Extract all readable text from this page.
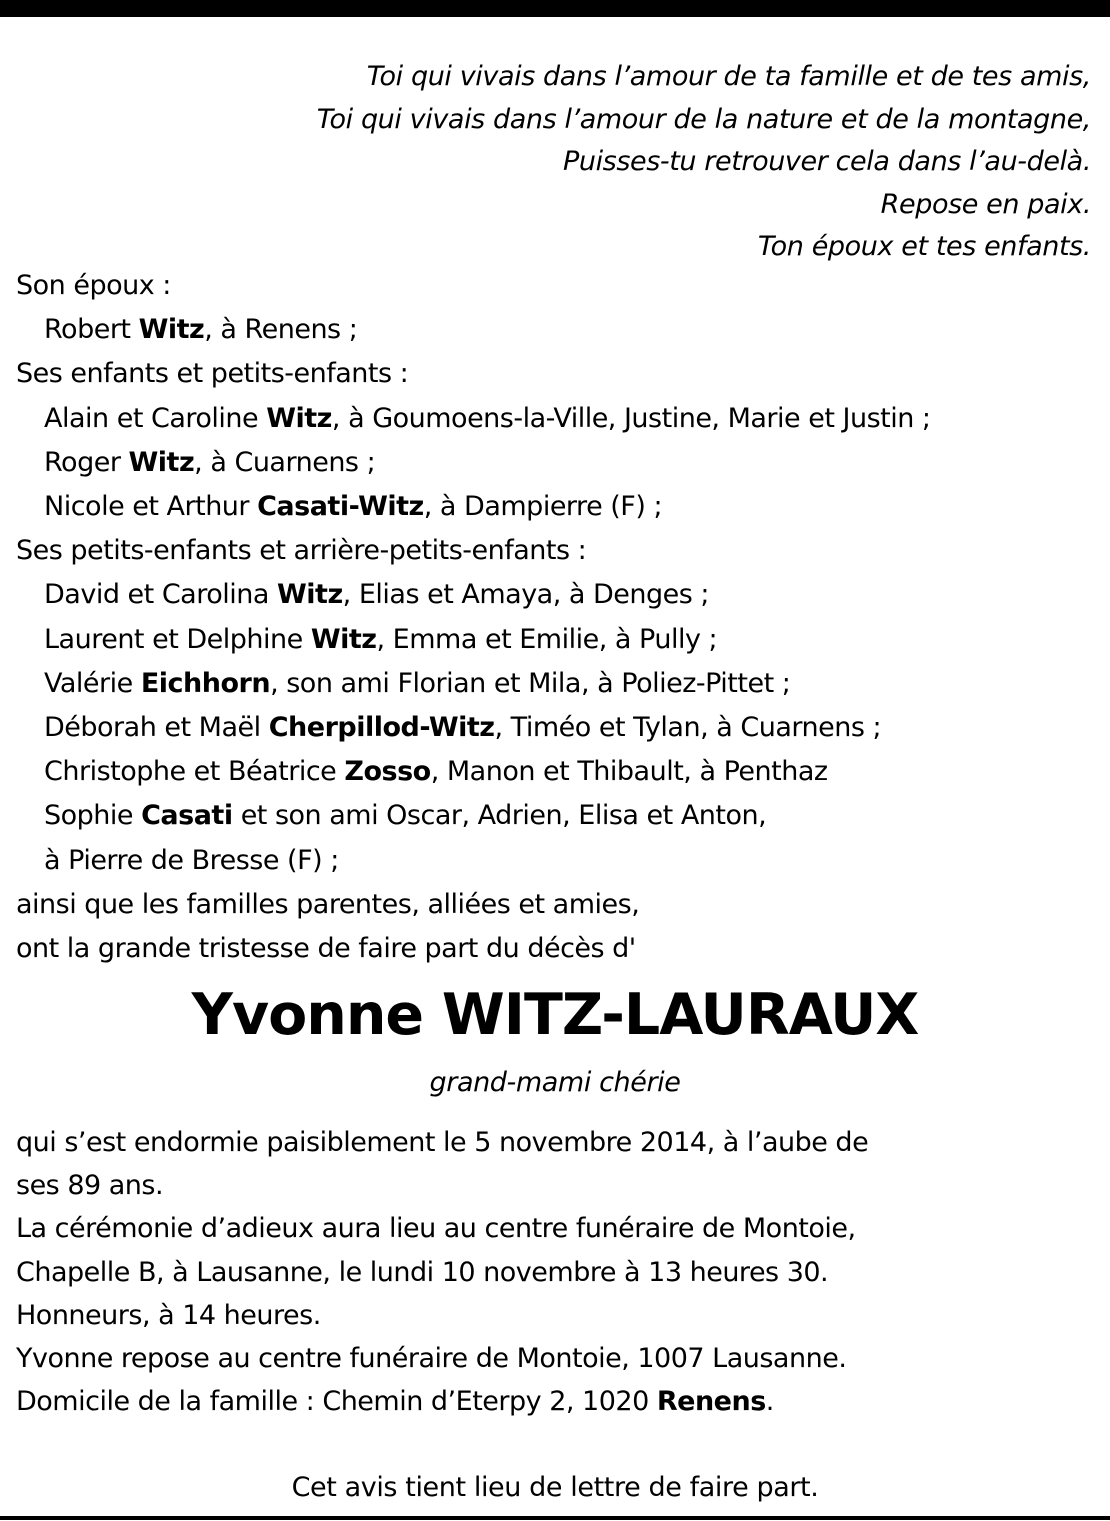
Toi qui vivais dans l’amour de ta famille et de tes amis,
Toi qui vivais dans l’amour de la nature et de la montagne,
Puisses-tu retrouver cela dans l’au-delà.
Repose en paix.
Ton époux et tes enfants.
Son époux :
Robert Witz, à Renens ;
Ses enfants et petits-enfants :
Alain et Caroline Witz, à Goumoens-la-Ville, Justine, Marie et Justin ;
Roger Witz, à Cuarnens ;
Nicole et Arthur Casati-Witz, à Dampierre (F) ;
Ses petits-enfants et arrière-petits-enfants :
David et Carolina Witz, Elias et Amaya, à Denges ;
Laurent et Delphine Witz, Emma et Emilie, à Pully ;
Valérie Eichhorn, son ami Florian et Mila, à Poliez-Pittet ;
Déborah et Maël Cherpillod-Witz, Timéo et Tylan, à Cuarnens ;
Christophe et Béatrice Zosso, Manon et Thibault, à Penthaz
Sophie Casati et son ami Oscar, Adrien, Elisa et Anton,
à Pierre de Bresse (F) ;
ainsi que les familles parentes, alliées et amies,
ont la grande tristesse de faire part du décès d'
Yvonne WITZ-LAURAUX
grand-mami chérie
qui s’est endormie paisiblement le 5 novembre 2014, à l’aube de
ses 89 ans.
La cérémonie d’adieux aura lieu au centre funéraire de Montoie,
Chapelle B, à Lausanne, le lundi 10 novembre à 13 heures 30.
Honneurs, à 14 heures.
Yvonne repose au centre funéraire de Montoie, 1007 Lausanne.
Domicile de la famille : Chemin d’Eterpy 2, 1020 Renens.
Cet avis tient lieu de lettre de faire part.
